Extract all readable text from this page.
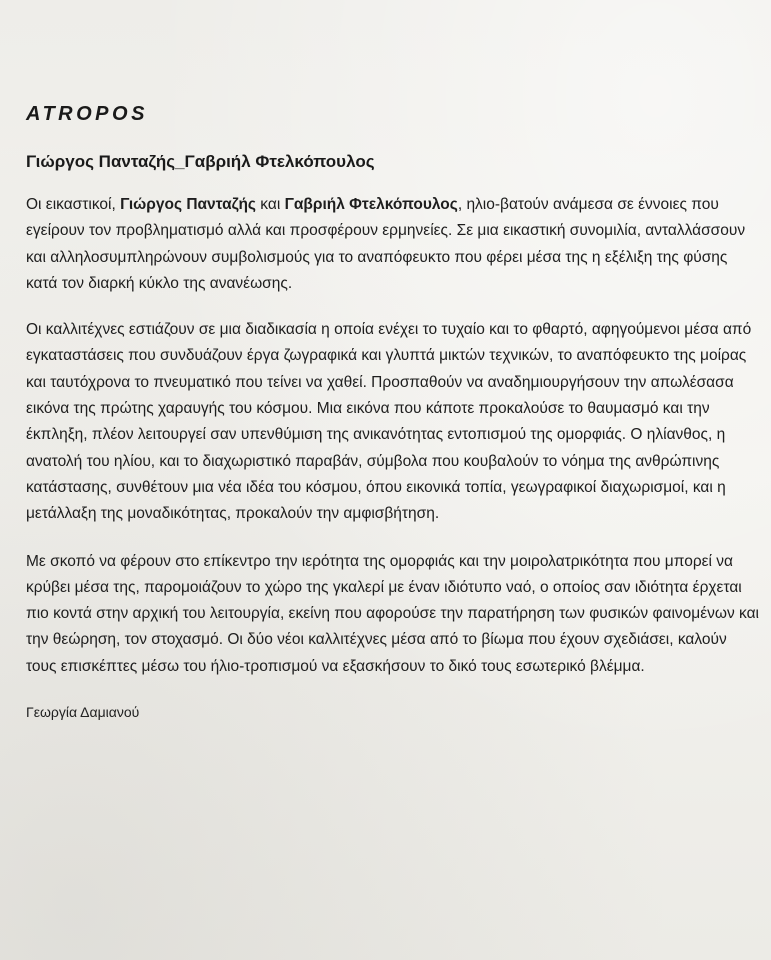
ATROPOS
Γιώργος Πανταζής_Γαβριήλ Φτελκόπουλος

Οι εικαστικοί, Γιώργος Πανταζής και Γαβριήλ Φτελκόπουλος, ηλιο-βατούν ανάμεσα σε έννοιες που εγείρουν τον προβληματισμό αλλά και προσφέρουν ερμηνείες. Σε μια εικαστική συνομιλία, ανταλλάσσουν και αλληλοσυμπληρώνουν συμβολισμούς για το αναπόφευκτο που φέρει μέσα της η εξέλιξη της φύσης κατά τον διαρκή κύκλο της ανανέωσης.

Οι καλλιτέχνες εστιάζουν σε μια διαδικασία η οποία ενέχει το τυχαίο και το φθαρτό, αφηγούμενοι μέσα από εγκαταστάσεις που συνδυάζουν έργα ζωγραφικά και γλυπτά μικτών τεχνικών, το αναπόφευκτο της μοίρας και ταυτόχρονα το πνευματικό που τείνει να χαθεί. Προσπαθούν να αναδημιουργήσουν την απωλέσασα εικόνα της πρώτης χαραυγής του κόσμου. Μια εικόνα που κάποτε προκαλούσε το θαυμασμό και την έκπληξη, πλέον λειτουργεί σαν υπενθύμιση της ανικανότητας εντοπισμού της ομορφιάς. Ο ηλίανθος, η ανατολή του ηλίου, και το διαχωριστικό παραβάν, σύμβολα που κουβαλούν το νόημα της ανθρώπινης κατάστασης, συνθέτουν μια νέα ιδέα του κόσμου, όπου εικονικά τοπία, γεωγραφικοί διαχωρισμοί, και η μετάλλαξη της μοναδικότητας, προκαλούν την αμφισβήτηση.

Με σκοπό να φέρουν στο επίκεντρο την ιερότητα της ομορφιάς και την μοιρολατρικότητα που μπορεί να κρύβει μέσα της, παρομοιάζουν το χώρο της γκαλερί με έναν ιδιότυπο ναό, ο οποίος σαν ιδιότητα έρχεται πιο κοντά στην αρχική του λειτουργία, εκείνη που αφορούσε την παρατήρηση των φυσικών φαινομένων και την θεώρηση, τον στοχασμό. Οι δύο νέοι καλλιτέχνες μέσα από το βίωμα που έχουν σχεδιάσει, καλούν τους επισκέπτες μέσω του ήλιο-τροπισμού να εξασκήσουν το δικό τους εσωτερικό βλέμμα.

Γεωργία Δαμιανού
